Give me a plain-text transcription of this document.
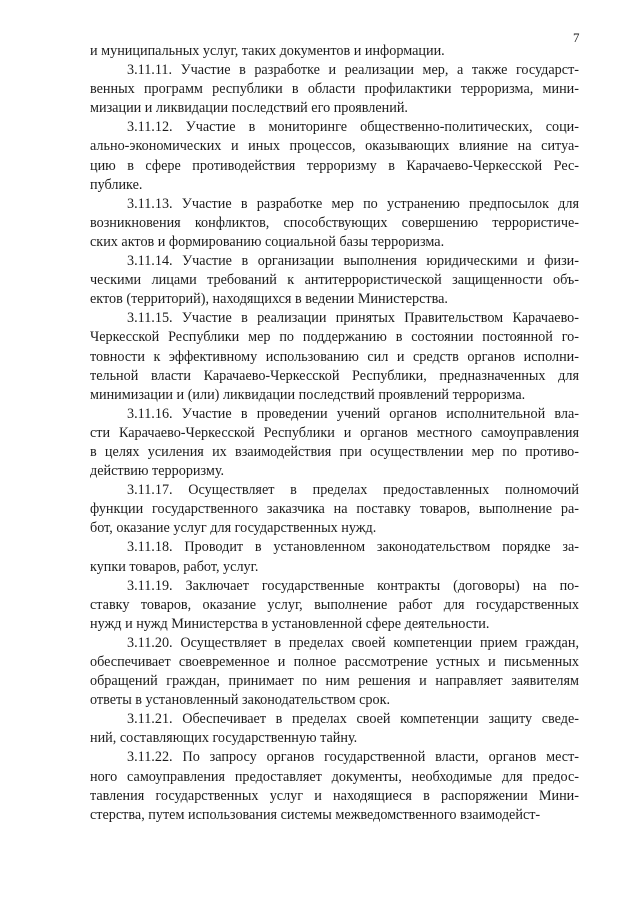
7
и муниципальных услуг, таких документов и информации.
3.11.11. Участие в разработке и реализации мер, а также государст-
венных программ республики в области профилактики терроризма, мини-
мизации и ликвидации последствий его проявлений.
3.11.12. Участие в мониторинге общественно-политических, соци-
ально-экономических и иных процессов, оказывающих влияние на ситуа-
цию в сфере противодействия терроризму в Карачаево-Черкесской Рес-
публике.
3.11.13. Участие в разработке мер по устранению предпосылок для
возникновения конфликтов, способствующих совершению террористиче-
ских актов и формированию социальной базы терроризма.
3.11.14. Участие в организации выполнения юридическими и физи-
ческими лицами требований к антитеррористической защищенности объ-
ектов (территорий), находящихся в ведении Министерства.
3.11.15. Участие в реализации принятых Правительством Карачаево-
Черкесской Республики мер по поддержанию в состоянии постоянной го-
товности к эффективному использованию сил и средств органов исполни-
тельной власти Карачаево-Черкесской Республики, предназначенных для
минимизации и (или) ликвидации последствий проявлений терроризма.
3.11.16. Участие в проведении учений органов исполнительной вла-
сти Карачаево-Черкесской Республики и органов местного самоуправления
в целях усиления их взаимодействия при осуществлении мер по противо-
действию терроризму.
3.11.17. Осуществляет в пределах предоставленных полномочий
функции государственного заказчика на поставку товаров, выполнение ра-
бот, оказание услуг для государственных нужд.
3.11.18. Проводит в установленном законодательством порядке за-
купки товаров, работ, услуг.
3.11.19. Заключает государственные контракты (договоры) на по-
ставку товаров, оказание услуг, выполнение работ для государственных
нужд и нужд Министерства в установленной сфере деятельности.
3.11.20. Осуществляет в пределах своей компетенции прием граждан,
обеспечивает своевременное и полное рассмотрение устных и письменных
обращений граждан, принимает по ним решения и направляет заявителям
ответы в установленный законодательством срок.
3.11.21. Обеспечивает в пределах своей компетенции защиту сведе-
ний, составляющих государственную тайну.
3.11.22. По запросу органов государственной власти, органов мест-
ного самоуправления предоставляет документы, необходимые для предос-
тавления государственных услуг и находящиеся в распоряжении Мини-
стерства, путем использования системы межведомственного взаимодейст-
